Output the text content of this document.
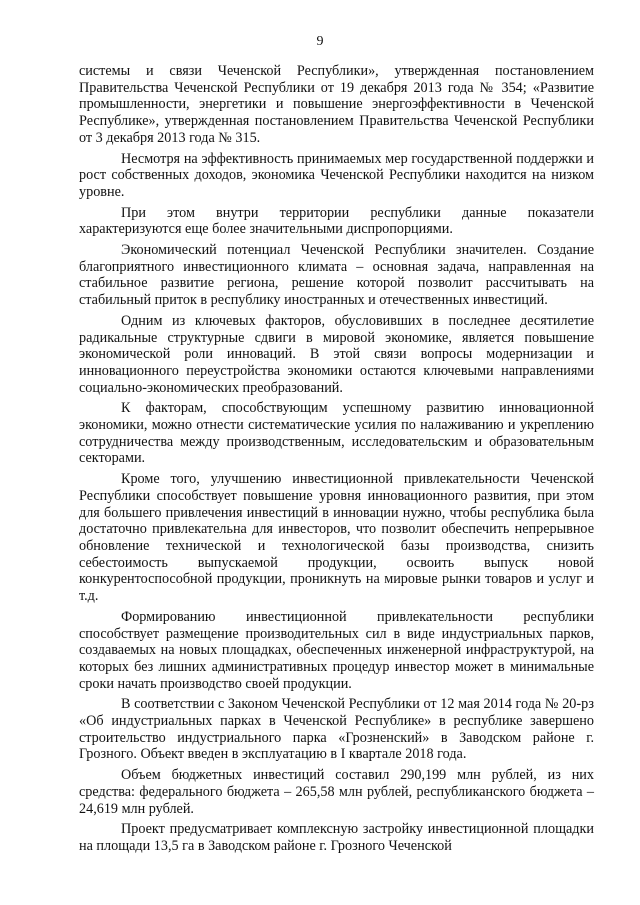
9

системы и связи Чеченской Республики», утвержденная постановлением Правительства Чеченской Республики от 19 декабря 2013 года № 354; «Развитие промышленности, энергетики и повышение энергоэффективности в Чеченской Республике», утвержденная постановлением Правительства Чеченской Республики от 3 декабря 2013 года № 315.

Несмотря на эффективность принимаемых мер государственной поддержки и рост собственных доходов, экономика Чеченской Республики находится на низком уровне.

При этом внутри территории республики данные показатели характеризуются еще более значительными диспропорциями.

Экономический потенциал Чеченской Республики значителен. Создание благоприятного инвестиционного климата – основная задача, направленная на стабильное развитие региона, решение которой позволит рассчитывать на стабильный приток в республику иностранных и отечественных инвестиций.

Одним из ключевых факторов, обусловивших в последнее десятилетие радикальные структурные сдвиги в мировой экономике, является повышение экономической роли инноваций. В этой связи вопросы модернизации и инновационного переустройства экономики остаются ключевыми направлениями социально-экономических преобразований.

К факторам, способствующим успешному развитию инновационной экономики, можно отнести систематические усилия по налаживанию и укреплению сотрудничества между производственным, исследовательским и образовательным секторами.

Кроме того, улучшению инвестиционной привлекательности Чеченской Республики способствует повышение уровня инновационного развития, при этом для большего привлечения инвестиций в инновации нужно, чтобы республика была достаточно привлекательна для инвесторов, что позволит обеспечить непрерывное обновление технической и технологической базы производства, снизить себестоимость выпускаемой продукции, освоить выпуск новой конкурентоспособной продукции, проникнуть на мировые рынки товаров и услуг и т.д.

Формированию инвестиционной привлекательности республики способствует размещение производительных сил в виде индустриальных парков, создаваемых на новых площадках, обеспеченных инженерной инфраструктурой, на которых без лишних административных процедур инвестор может в минимальные сроки начать производство своей продукции.

В соответствии с Законом Чеченской Республики от 12 мая 2014 года № 20-рз «Об индустриальных парках в Чеченской Республике» в республике завершено строительство индустриального парка «Грозненский» в Заводском районе г. Грозного. Объект введен в эксплуатацию в I квартале 2018 года.

Объем бюджетных инвестиций составил 290,199 млн рублей, из них средства: федерального бюджета – 265,58 млн рублей, республиканского бюджета – 24,619 млн рублей.

Проект предусматривает комплексную застройку инвестиционной площадки на площади 13,5 га в Заводском районе г. Грозного Чеченской
